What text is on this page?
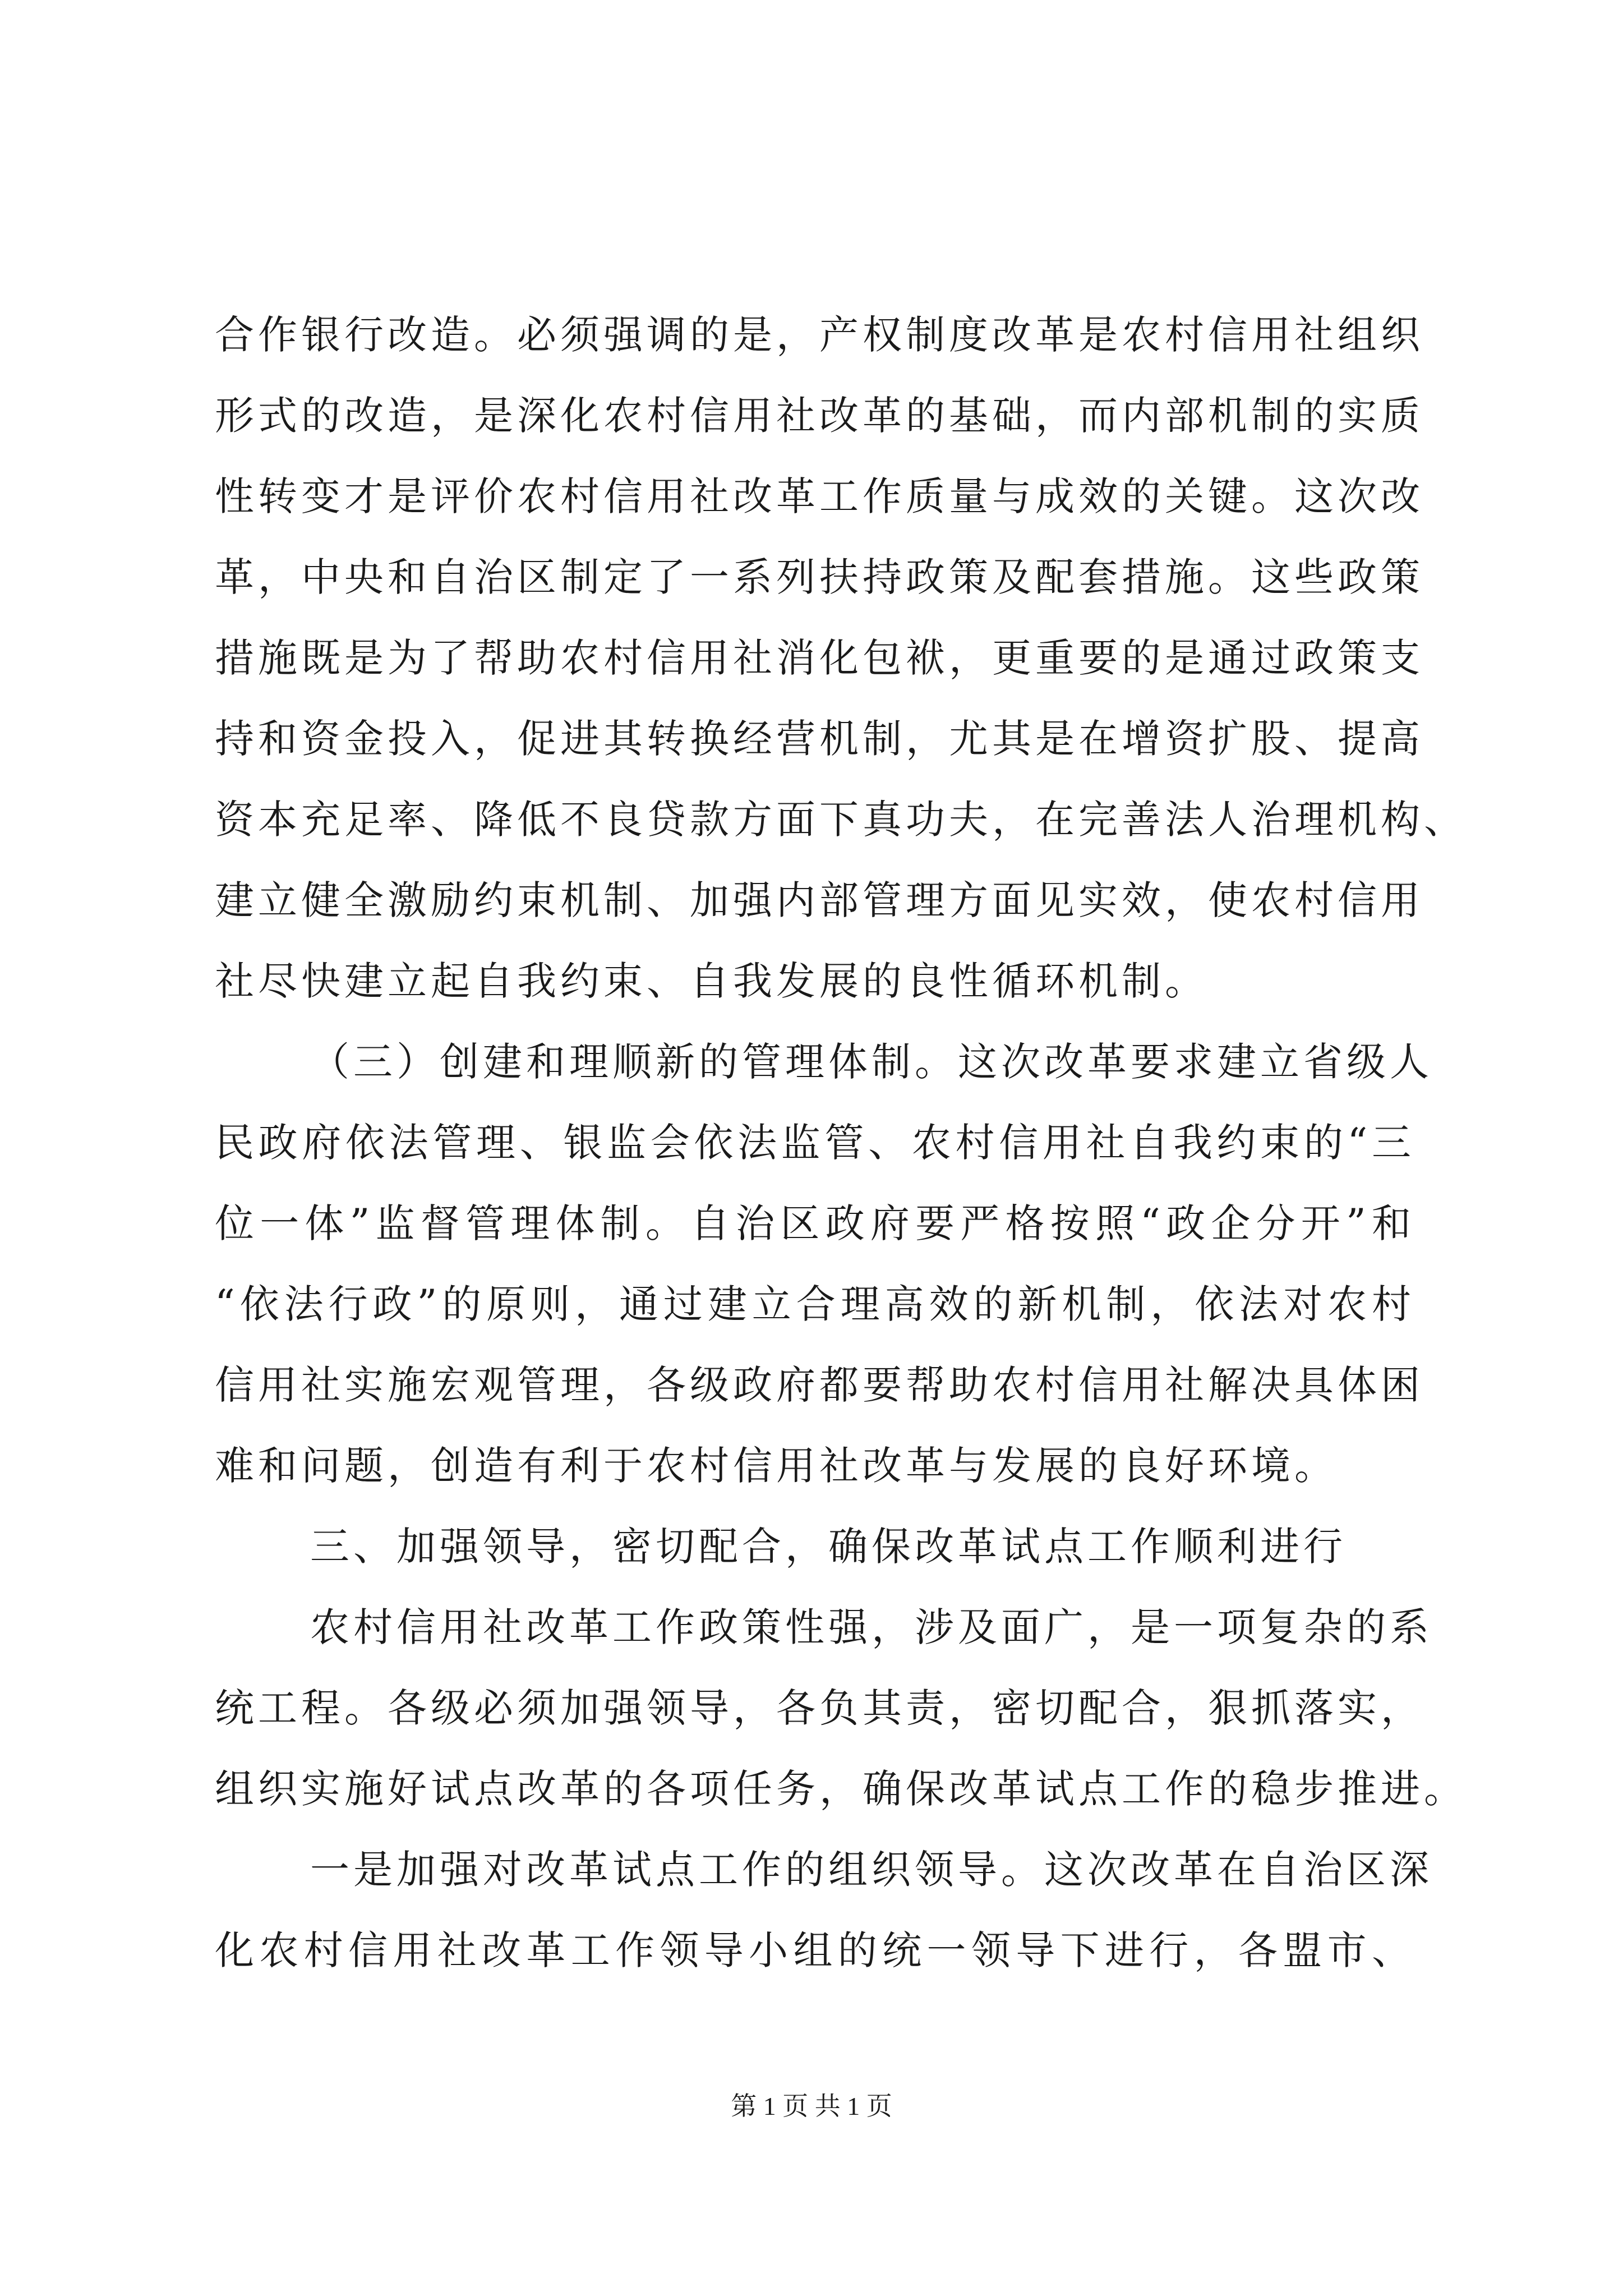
合作银行改造。必须强调的是，产权制度改革是农村信用社组织
形式的改造，是深化农村信用社改革的基础，而内部机制的实质
性转变才是评价农村信用社改革工作质量与成效的关键。这次改
革，中央和自治区制定了一系列扶持政策及配套措施。这些政策
措施既是为了帮助农村信用社消化包袱，更重要的是通过政策支
持和资金投入，促进其转换经营机制，尤其是在增资扩股、提高
资本充足率、降低不良贷款方面下真功夫，在完善法人治理机构、
建立健全激励约束机制、加强内部管理方面见实效，使农村信用
社尽快建立起自我约束、自我发展的良性循环机制。
（三）创建和理顺新的管理体制。这次改革要求建立省级人
民政府依法管理、银监会依法监管、农村信用社自我约束的“三
位一体”监督管理体制。自治区政府要严格按照“政企分开”和
“依法行政”的原则，通过建立合理高效的新机制，依法对农村
信用社实施宏观管理，各级政府都要帮助农村信用社解决具体困
难和问题，创造有利于农村信用社改革与发展的良好环境。
三、加强领导，密切配合，确保改革试点工作顺利进行
农村信用社改革工作政策性强，涉及面广，是一项复杂的系
统工程。各级必须加强领导，各负其责，密切配合，狠抓落实，
组织实施好试点改革的各项任务，确保改革试点工作的稳步推进。
一是加强对改革试点工作的组织领导。这次改革在自治区深
化农村信用社改革工作领导小组的统一领导下进行，各盟市、
第 1 页 共 1 页
